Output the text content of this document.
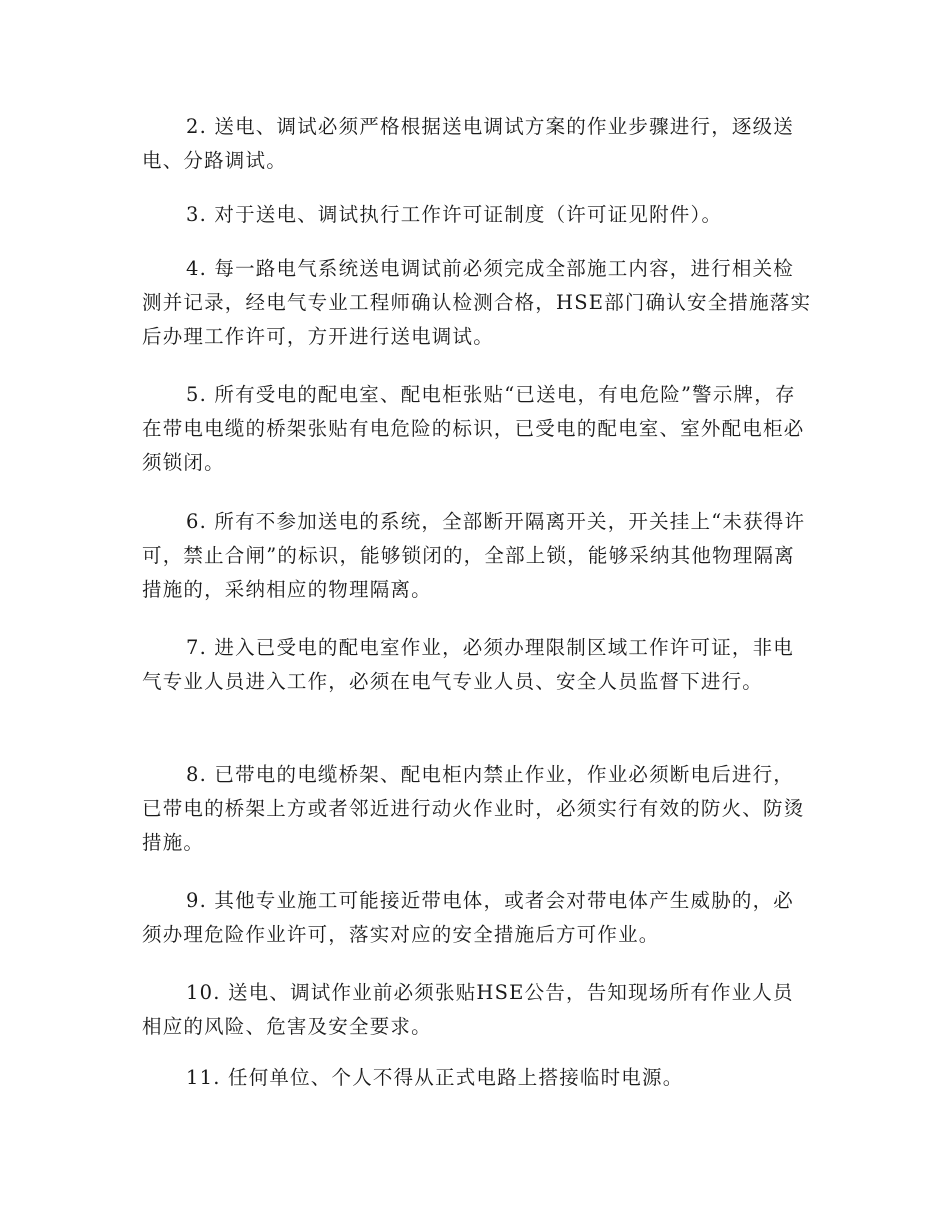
2. 送电、调试必须严格根据送电调试方案的作业步骤进行，逐级送电、分路调试。

3. 对于送电、调试执行工作许可证制度（许可证见附件）。

4. 每一路电气系统送电调试前必须完成全部施工内容，进行相关检测并记录，经电气专业工程师确认检测合格，HSE部门确认安全措施落实后办理工作许可，方开进行送电调试。

5. 所有受电的配电室、配电柜张贴“已送电，有电危险”警示牌，存在带电电缆的桥架张贴有电危险的标识，已受电的配电室、室外配电柜必须锁闭。

6. 所有不参加送电的系统，全部断开隔离开关，开关挂上“未获得许可，禁止合闸”的标识，能够锁闭的，全部上锁，能够采纳其他物理隔离措施的，采纳相应的物理隔离。

7. 进入已受电的配电室作业，必须办理限制区域工作许可证，非电气专业人员进入工作，必须在电气专业人员、安全人员监督下进行。

8. 已带电的电缆桥架、配电柜内禁止作业，作业必须断电后进行，已带电的桥架上方或者邻近进行动火作业时，必须实行有效的防火、防烫措施。

9. 其他专业施工可能接近带电体，或者会对带电体产生威胁的，必须办理危险作业许可，落实对应的安全措施后方可作业。

10. 送电、调试作业前必须张贴HSE公告，告知现场所有作业人员相应的风险、危害及安全要求。

11. 任何单位、个人不得从正式电路上搭接临时电源。
